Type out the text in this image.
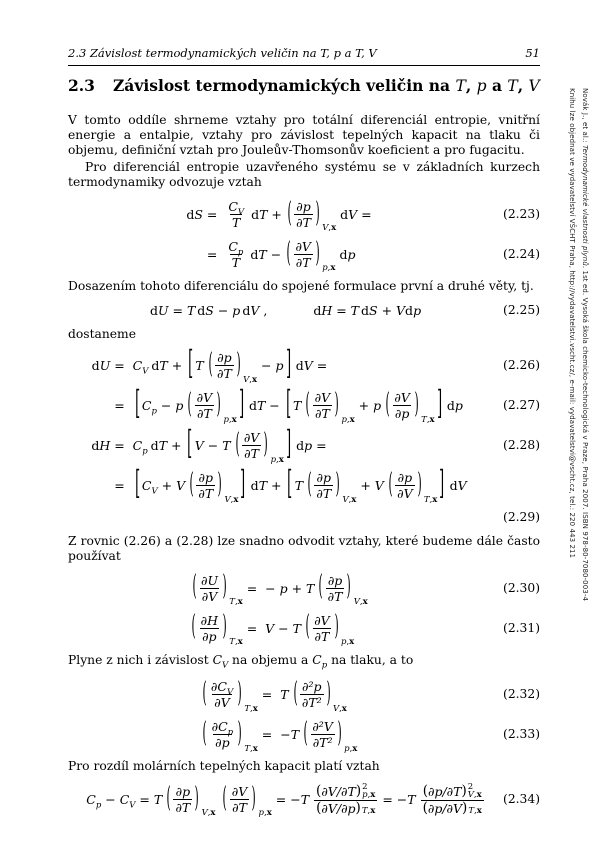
2.3 Závislost termodynamických veličin na T, p a T, V	51
2.3 Závislost termodynamických veličin na T, p a T, V

V tomto oddíle shrneme vztahy pro totální diferenciál entropie, vnitřní energie a entalpie, vztahy pro závislost tepelných kapacit na tlaku či objemu, definiční vztah pro Jouleův-Thomsonův koeficient a pro fugacitu.

Pro diferenciál entropie uzavřeného systému se v základních kurzech termodynamiky odvozuje vztah

dS = $\frac{C_V}{T}$ dT + ( $\frac{\partial p}{\partial T}$ ) V,x
dV =	(2.23)
= $\frac{C_p}{T}$ dT − ( $\frac{\partial V}{\partial T}$ ) p,x
dp	(2.24)

Dosazením tohoto diferenciálu do spojené formulace první a druhé věty, tj.

dU = T dS − p dV ,	dH = T dS + V dp	(2.25)

dostaneme

dU = $C_V$ dT + [ T ( $\frac{\partial p}{\partial T}$ ) V,x
− p ] dV =	(2.26)
= [ $C_p - p$ ( $\frac{\partial V}{\partial T}$ ) p,x ] dT − [ T ( $\frac{\partial V}{\partial T}$ ) p,x
+ p ( $\frac{\partial V}{\partial p}$ ) T,x ] dp	(2.27)
dH = $C_p$ dT + [ V − T ( $\frac{\partial V}{\partial T}$ ) p,x ] dp =	(2.28)
= [ $C_V + V$ ( $\frac{\partial p}{\partial T}$ ) V,x ] dT + [ T ( $\frac{\partial p}{\partial T}$ ) V,x
+ V ( $\frac{\partial p}{\partial V}$ ) T,x ] dV
(2.29)

Z rovnic (2.26) a (2.28) lze snadno odvodit vztahy, které budeme dále často používat

( $\frac{\partial U}{\partial V}$ ) T,x
= − p + T ( $\frac{\partial p}{\partial T}$ ) V,x
(2.30)
( $\frac{\partial H}{\partial p}$ ) T,x
= V − T ( $\frac{\partial V}{\partial T}$ ) p,x
(2.31)

Plyne z nich i závislost $C_V$ na objemu a $C_p$ na tlaku, a to

( $\frac{\partial C_V}{\partial V}$ ) T,x
= T ( $\frac{\text{∂²p}}{\text{∂T²}}$ ) V,x
(2.32)
( $\frac{\partial C_p}{\partial p}$ ) T,x
= − T ( $\frac{\text{∂²V}}{\text{∂T²}}$ ) p,x
(2.33)

Pro rozdíl molárních tepelných kapacit platí vztah

$C_p - C_V = T$ ( $\frac{\partial p}{\partial T}$ ) V,x ( $\frac{\partial V}{\partial T}$ ) p,x
= − T ( ∂V/∂T ) 2
p,x
( ∂V/∂p ) T,x = − T ( ∂p/∂T ) 2
V,x
( ∂p/∂V ) T,x (2.34)
Novák J., et al.: Termodynamické vlastnosti plynů. 1st ed. Vysoká škola chemicko-technologická v Praze, Praha 2007. ISBN 978-80-7080-003-4
Knihu lze objednat ve vydavatelství VŠCHT Praha, http://vydavatelstvi.vscht.cz/, e-mail: vydavatelstvi@vscht.cz, tel.: 220 443 211
